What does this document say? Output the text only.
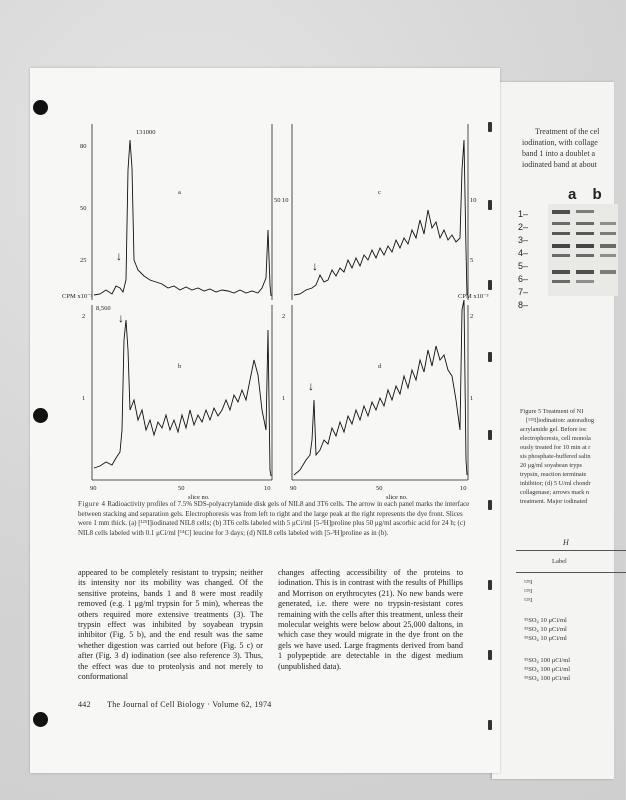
↓
↓
↓
↓
80
50
25
50
131000
a
10	10
5
c
CPM x10⁻³
2
1
8,560
b
2
1
2
1
CPM x10⁻³
d
90	50	10	90	50	10
slice no.	slice no.
Figure 4 Radioactivity profiles of 7.5% SDS-polyacrylamide disk gels of NIL8 and 3T6 cells. The arrow in each panel marks the interface between stacking and separation gels. Electrophoresis was from left to right and the large peak at the right represents the dye front. Slices were 1 mm thick. (a) [¹²⁵I]iodinated NIL8 cells; (b) 3T6 cells labeled with 5 μCi/ml [5-³H]proline plus 50 μg/ml ascorbic acid for 24 h; (c) NIL8 cells labeled with 0.1 μCi/ml [¹⁴C] leucine for 3 days; (d) NIL8 cells labeled with [5-³H]proline as in (b).
appeared to be completely resistant to trypsin; neither its intensity nor its mobility was changed. Of the sensitive proteins, bands 1 and 8 were most readily removed (e.g. 1 μg/ml trypsin for 5 min), whereas the others required more extensive treatments (3). The trypsin effect was inhibited by soyabean trypsin inhibitor (Fig. 5 b), and the end result was the same whether digestion was carried out before (Fig. 5 c) or after (Fig. 3 d) iodination (see also reference 3). Thus, the effect was due to proteolysis and not merely to conformational
changes affecting accessibility of the proteins to iodination. This is in contrast with the results of Phillips and Morrison on erythrocytes (21). No new bands were generated, i.e. there were no trypsin-resistant cores remaining with the cells after this treatment, unless their molecular weights were below about 25,000 daltons, in which case they would migrate in the dye front on the gels we have used. Large fragments derived from band 1 polypeptide are detectable in the digest medium (unpublished data).
442 The Journal of Cell Biology · Volume 62, 1974
Treatment of the cel
iodination, with collage
band 1 into a doublet a
iodinated band at about
a b
1–
2–
3–
4–
5–
6–
7–
8–
Figure 5 Treatment of NI
[¹²⁵I]iodination: autoradiog
acrylamide gel. Before ioc
electrophoresis, cell monola
ously treated for 10 min at r
sis phosphate-buffered salin
20 μg/ml soyabean tryps
trypsin, reaction terminate
inhibitor; (d) 5 U/ml chondr
collagenase; arrows mark n
treatment. Major iodinated
H
Label
¹²⁵I
¹²⁵I
¹²⁵I
³⁵SO₄ 10 μCi/ml
³⁵SO₄ 10 μCi/ml
³⁵SO₄ 10 μCi/ml
³⁵SO₄ 100 μCi/ml
³⁵SO₄ 100 μCi/ml
³⁵SO₄ 100 μCi/ml
